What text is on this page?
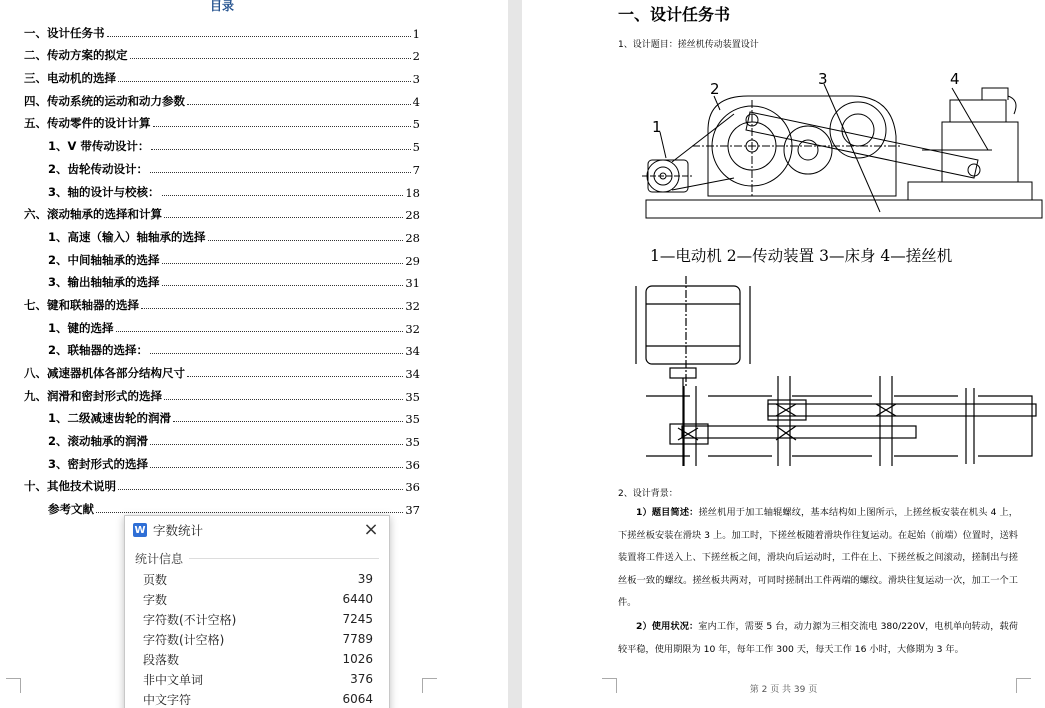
目录
一、设计任务书	1
二、传动方案的拟定	2
三、电动机的选择	3
四、传动系统的运动和动力参数	4
五、传动零件的设计计算	5
1、V 带传动设计：	5
2、齿轮传动设计：	7
3、轴的设计与校核：	18
六、滚动轴承的选择和计算	28
1、高速（输入）轴轴承的选择	28
2、中间轴轴承的选择	29
3、输出轴轴承的选择	31
七、键和联轴器的选择	32
1、键的选择	32
2、联轴器的选择：	34
八、减速器机体各部分结构尺寸	34
九、润滑和密封形式的选择	35
1、二级减速齿轮的润滑	35
2、滚动轴承的润滑	35
3、密封形式的选择	36
十、其他技术说明	36
参考文献	37
W 字数统计	×
统计信息
页数	39
字数	6440
字符数(不计空格)	7245
字符数(计空格)	7789
段落数	1026
非中文单词	376
中文字符	6064
一、设计任务书
1、设计题目：搓丝机传动装置设计
1
2
3	4
1—电动机 2—传动装置 3—床身 4—搓丝机
2、设计背景：
1）题目简述：搓丝机用于加工轴辊螺纹，基本结构如上图所示，上搓丝板安装在机头 4 上，下搓丝板安装在滑块 3 上。加工时，下搓丝板随着滑块作往复运动。在起始（前端）位置时，送料装置将工件送入上、下搓丝板之间，滑块向后运动时，工件在上、下搓丝板之间滚动，搓制出与搓丝板一致的螺纹。搓丝板共两对，可同时搓制出工件两端的螺纹。滑块往复运动一次，加工一个工件。
2）使用状况：室内工作，需要 5 台，动力源为三相交流电 380/220V，电机单向转动，载荷较平稳，使用期限为 10 年，每年工作 300 天，每天工作 16 小时，大修期为 3 年。
第 2 页 共 39 页
